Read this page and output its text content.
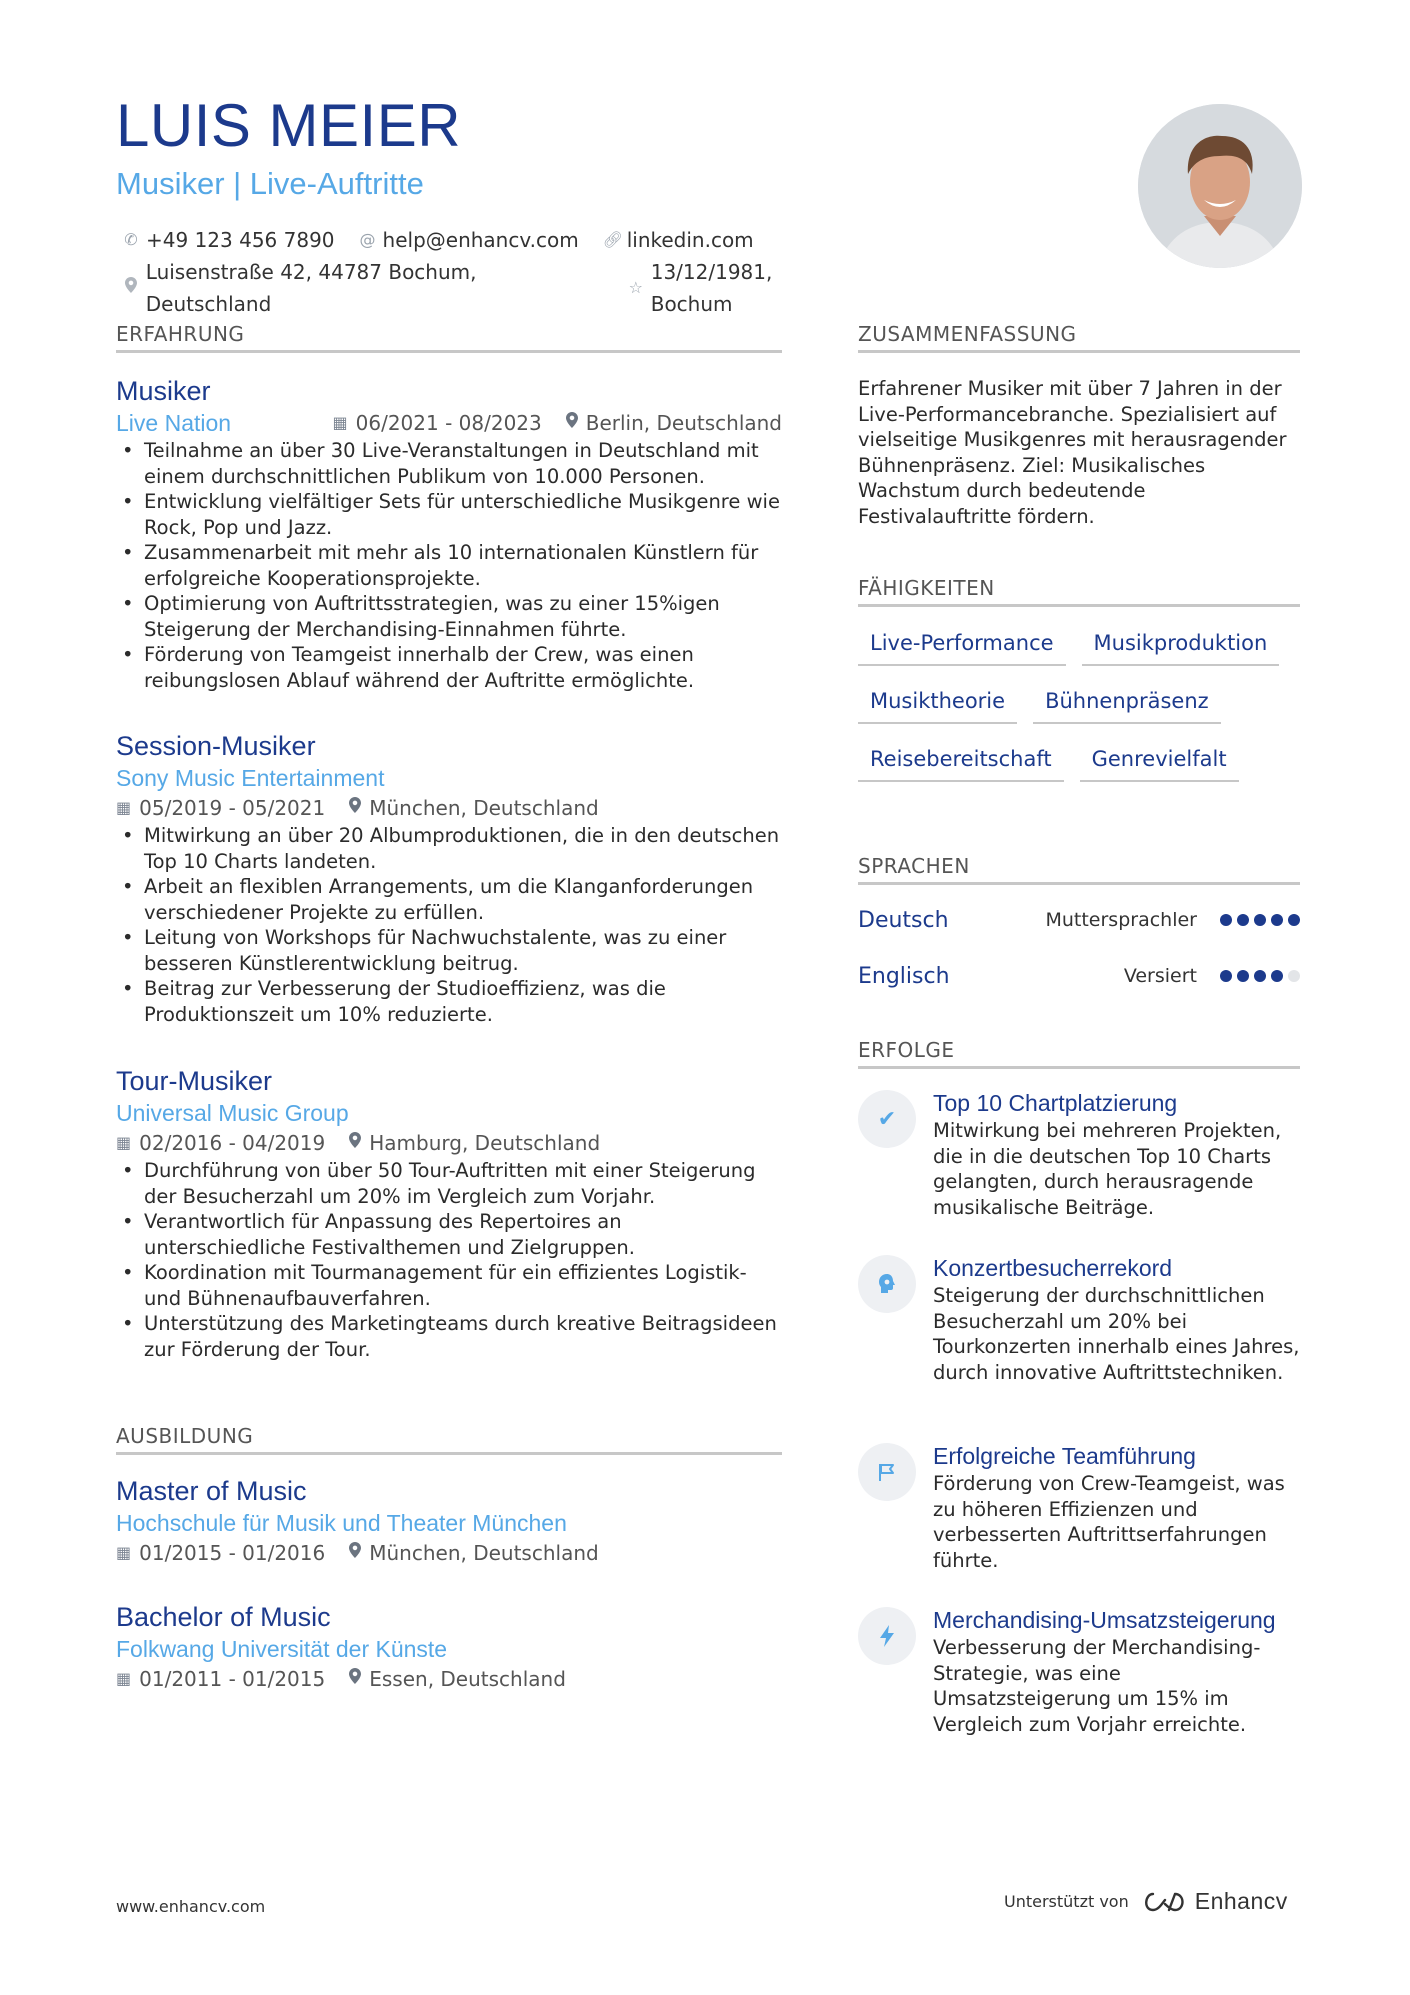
LUIS MEIER
Musiker | Live-Auftritte
✆ +49 123 456 7890 @ help@enhancv.com 🔗︎ linkedin.com
Luisenstraße 42, 44787 Bochum, Deutschland
☆
13/12/1981, Bochum
ERFAHRUNG
Musiker
Live Nation	▦ 06/2021 - 08/2023 Berlin, Deutschland
• Teilnahme an über 30 Live-Veranstaltungen in Deutschland mit einem durchschnittlichen Publikum von 10.000 Personen.
• Entwicklung vielfältiger Sets für unterschiedliche Musikgenre wie Rock, Pop und Jazz.
• Zusammenarbeit mit mehr als 10 internationalen Künstlern für erfolgreiche Kooperationsprojekte.
• Optimierung von Auftrittsstrategien, was zu einer 15%igen Steigerung der Merchandising-Einnahmen führte.
• Förderung von Teamgeist innerhalb der Crew, was einen reibungslosen Ablauf während der Auftritte ermöglichte.
Session-Musiker
Sony Music Entertainment
▦ 05/2019 - 05/2021 München, Deutschland
• Mitwirkung an über 20 Albumproduktionen, die in den deutschen Top 10 Charts landeten.
• Arbeit an flexiblen Arrangements, um die Klanganforderungen verschiedener Projekte zu erfüllen.
• Leitung von Workshops für Nachwuchstalente, was zu einer besseren Künstlerentwicklung beitrug.
• Beitrag zur Verbesserung der Studioeffizienz, was die Produktionszeit um 10% reduzierte.
Tour-Musiker
Universal Music Group
▦ 02/2016 - 04/2019 Hamburg, Deutschland
• Durchführung von über 50 Tour-Auftritten mit einer Steigerung der Besucherzahl um 20% im Vergleich zum Vorjahr.
• Verantwortlich für Anpassung des Repertoires an unterschiedliche Festivalthemen und Zielgruppen.
• Koordination mit Tourmanagement für ein effizientes Logistik- und Bühnenaufbauverfahren.
• Unterstützung des Marketingteams durch kreative Beitragsideen zur Förderung der Tour.
AUSBILDUNG
Master of Music
Hochschule für Musik und Theater München
▦ 01/2015 - 01/2016 München, Deutschland
Bachelor of Music
Folkwang Universität der Künste
▦ 01/2011 - 01/2015 Essen, Deutschland
ZUSAMMENFASSUNG
Erfahrener Musiker mit über 7 Jahren in der Live-Performancebranche. Spezialisiert auf vielseitige Musikgenres mit herausragender Bühnenpräsenz. Ziel: Musikalisches Wachstum durch bedeutende Festivalauftritte fördern.
FÄHIGKEITEN
Live-Performance	Musikproduktion
Musiktheorie	Bühnenpräsenz
Reisebereitschaft	Genrevielfalt
SPRACHEN
Deutsch	Muttersprachler
Englisch	Versiert
ERFOLGE
✔
Top 10 Chartplatzierung
Mitwirkung bei mehreren Projekten, die in die deutschen Top 10 Charts gelangten, durch herausragende musikalische Beiträge.
Konzertbesucherrekord
Steigerung der durchschnittlichen Besucherzahl um 20% bei Tourkonzerten innerhalb eines Jahres, durch innovative Auftrittstechniken.
Erfolgreiche Teamführung
Förderung von Crew-Teamgeist, was zu höheren Effizienzen und verbesserten Auftrittserfahrungen führte.
Merchandising-Umsatzsteigerung
Verbesserung der Merchandising-Strategie, was eine Umsatzsteigerung um 15% im Vergleich zum Vorjahr erreichte.
www.enhancv.com	Unterstützt von	Enhancv
